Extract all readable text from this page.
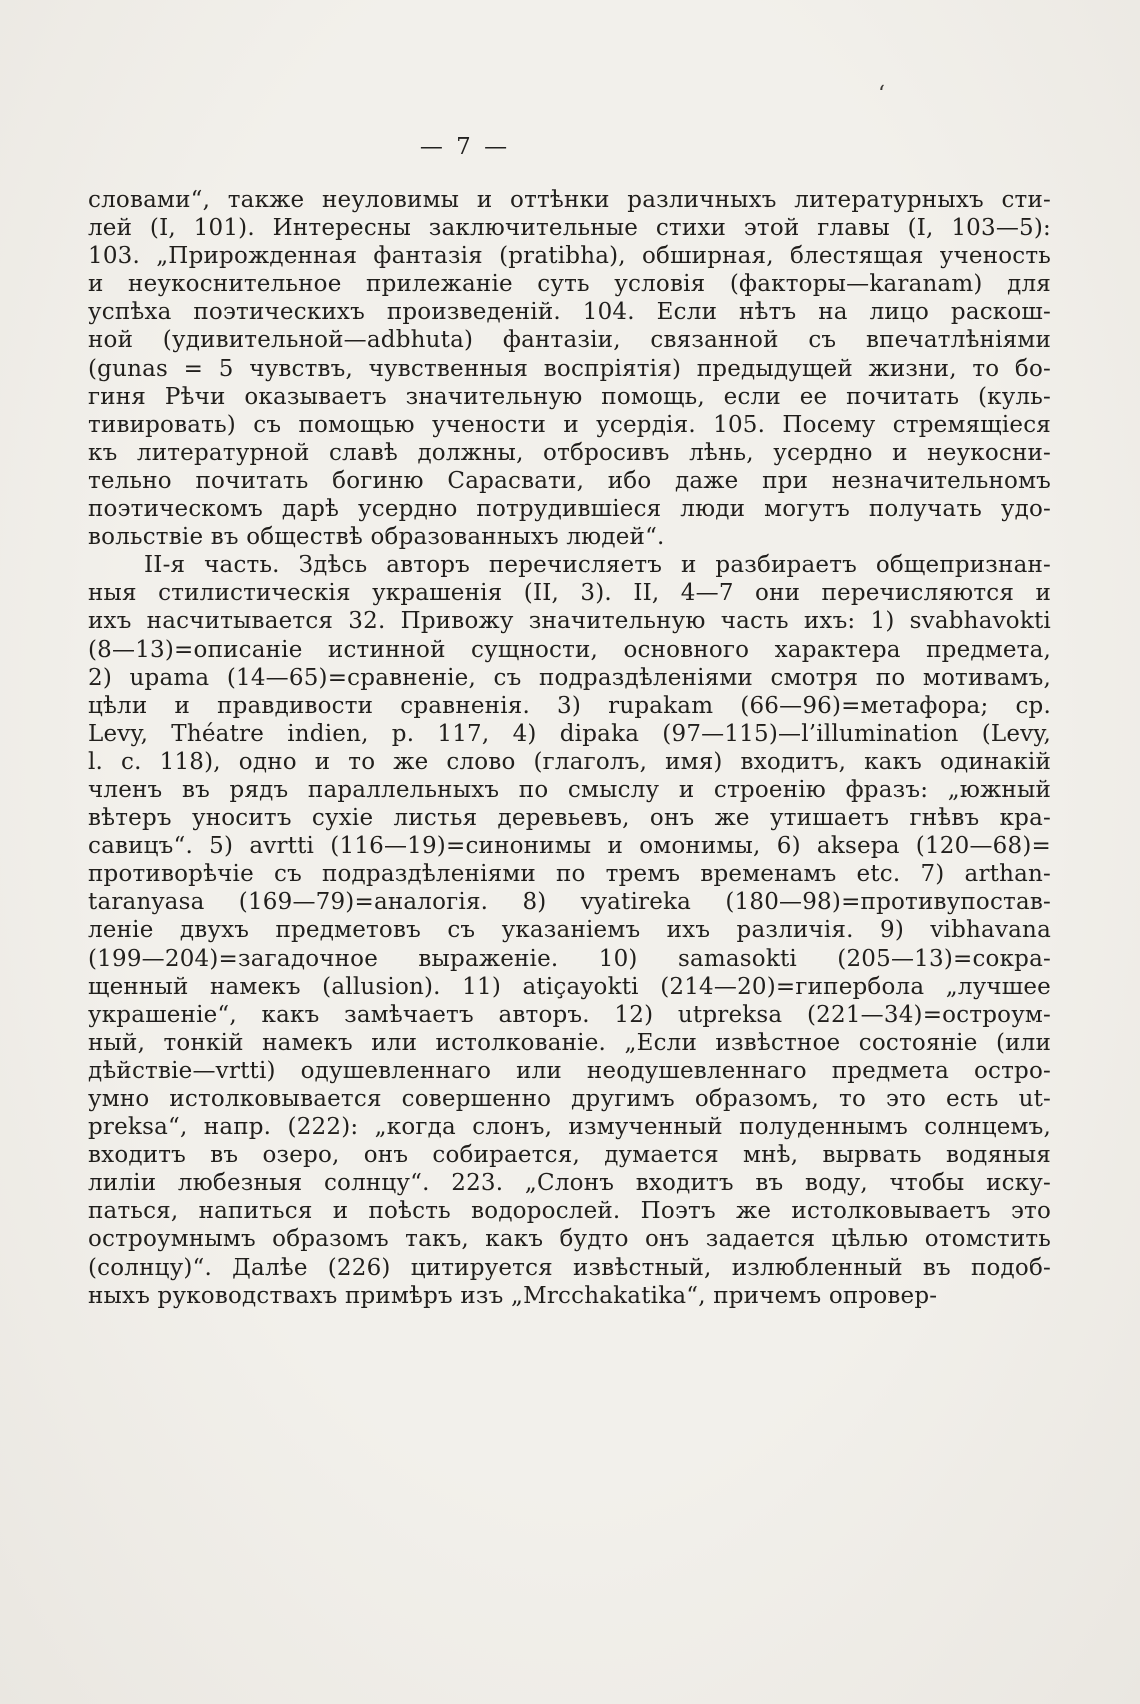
‘
— 7 —
словами“, также неуловимы и оттѣнки различныхъ литературныхъ сти-
лей (I, 101). Интересны заключительные стихи этой главы (I, 103—5):
103. „Прирожденная фантазія (pratibha), обширная, блестящая ученость
и неукоснительное прилежаніе суть условія (факторы—karanam) для
успѣха поэтическихъ произведеній. 104. Если нѣтъ на лицо раскош-
ной (удивительной—adbhuta) фантазіи, связанной съ впечатлѣніями
(gunas = 5 чувствъ, чувственныя воспріятія) предыдущей жизни, то бо-
гиня Рѣчи оказываетъ значительную помощь, если ее почитать (куль-
тивировать) съ помощью учености и усердія. 105. Посему стремящіеся
къ литературной славѣ должны, отбросивъ лѣнь, усердно и неукосни-
тельно почитать богиню Сарасвати, ибо даже при незначительномъ
поэтическомъ дарѣ усердно потрудившіеся люди могутъ получать удо-
вольствіе въ обществѣ образованныхъ людей“.
II-я часть. Здѣсь авторъ перечисляетъ и разбираетъ общепризнан-
ныя стилистическія украшенія (II, 3). II, 4—7 они перечисляются и
ихъ насчитывается 32. Привожу значительную часть ихъ: 1) svabhavokti
(8—13)=описаніе истинной сущности, основного характера предмета,
2) upama (14—65)=сравненіе, съ подраздѣленіями смотря по мотивамъ,
цѣли и правдивости сравненія. 3) rupakam (66—96)=метафора; ср.
Levy, Théatre indien, p. 117, 4) dipaka (97—115)—l’illumination (Levy,
l. c. 118), одно и то же слово (глаголъ, имя) входитъ, какъ одинакій
членъ въ рядъ параллельныхъ по смыслу и строенію фразъ: „южный
вѣтеръ уноситъ сухіе листья деревьевъ, онъ же утишаетъ гнѣвъ кра-
савицъ“. 5) avrtti (116—19)=синонимы и омонимы, 6) aksepa (120—68)=
противорѣчіе съ подраздѣленіями по тремъ временамъ etc. 7) arthan-
taranyasa (169—79)=аналогія. 8) vyatireka (180—98)=противупостав-
леніе двухъ предметовъ съ указаніемъ ихъ различія. 9) vibhavana
(199—204)=загадочное выраженіе. 10) samasokti (205—13)=сокра-
щенный намекъ (allusion). 11) atiçayokti (214—20)=гипербола „лучшее
украшеніе“, какъ замѣчаетъ авторъ. 12) utpreksa (221—34)=остроум-
ный, тонкій намекъ или истолкованіе. „Если извѣстное состояніе (или
дѣйствіе—vrtti) одушевленнаго или неодушевленнаго предмета остро-
умно истолковывается совершенно другимъ образомъ, то это есть ut-
preksa“, напр. (222): „когда слонъ, измученный полуденнымъ солнцемъ,
входитъ въ озеро, онъ собирается, думается мнѣ, вырвать водяныя
лиліи любезныя солнцу“. 223. „Слонъ входитъ въ воду, чтобы иску-
паться, напиться и поѣсть водорослей. Поэтъ же истолковываетъ это
остроумнымъ образомъ такъ, какъ будто онъ задается цѣлью отомстить
(солнцу)“. Далѣе (226) цитируется извѣстный, излюбленный въ подоб-
ныхъ руководствахъ примѣръ изъ „Mrcchakatika“, причемъ опровер-
